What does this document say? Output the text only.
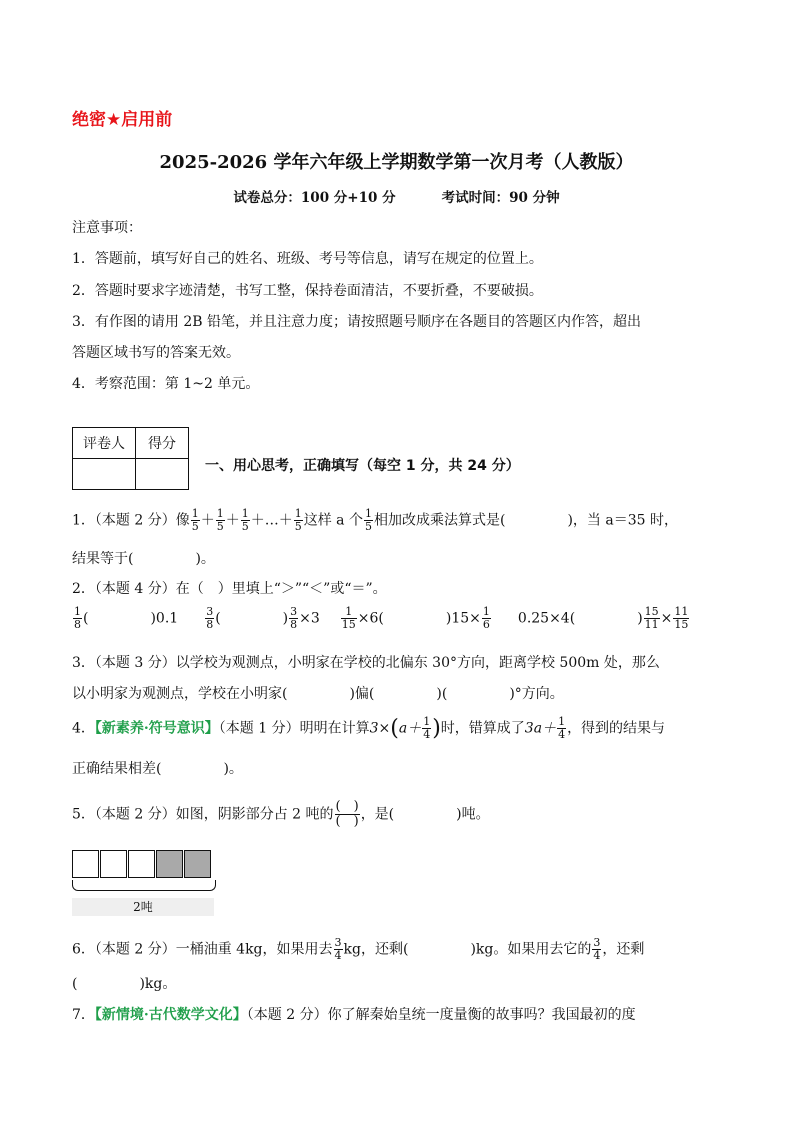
绝密★启用前
2025-2026 学年六年级上学期数学第一次月考（人教版）
试卷总分：100 分+10 分	考试时间：90 分钟
注意事项：
1．答题前，填写好自己的姓名、班级、考号等信息，请写在规定的位置上。
2．答题时要求字迹清楚，书写工整，保持卷面清洁，不要折叠，不要破损。
3．有作图的请用 2B 铅笔，并且注意力度；请按照题号顺序在各题目的答题区内作答，超出
答题区域书写的答案无效。
4．考察范围：第 1~2 单元。
评卷人	得分

一、用心思考，正确填写（每空 1 分，共 24 分）
1．（本题 2 分）像 $\frac{1}{5} + \frac{1}{5} + \frac{1}{5}$ ＋…＋ $\frac{1}{5}$ 这样 a 个 $\frac{1}{5}$ 相加改成乘法算式是(	)，当 a＝35 时，
结果等于(	)。
2．（本题 4 分）在（　）里填上“＞”“＜”或“＝”。
$\frac{1}{8}$ (	)$0.1 \frac{3}{8}$ (	) $\frac{3}{8} \times 3 \frac{1}{15} \times 6$(	)$15\times \frac{1}{6} 0.25\times 4$(	) $\frac{15}{11} \times \frac{11}{15}$
3．（本题 3 分）以学校为观测点，小明家在学校的北偏东 30°方向，距离学校 500m 处，那么
以小明家为观测点，学校在小明家(	)偏(	)(	)°方向。
4．【新素养·符号意识】（本题 1 分）明明在计算$3\times(a+ \frac{1}{4}$ )时，错算成了$3a+ \frac{1}{4}$ ，得到的结果与
正确结果相差(	)。
5．（本题 2 分）如图，阴影部分占 2 吨的 (　)
(　) ，是(	)吨。
2吨
6．（本题 2 分）一桶油重 4kg，如果用去 $\frac{3}{4}$ kg，还剩(	)kg。如果用去它的 $\frac{3}{4}$ ，还剩
(	)kg。
7．【新情境·古代数学文化】（本题 2 分）你了解秦始皇统一度量衡的故事吗？我国最初的度
